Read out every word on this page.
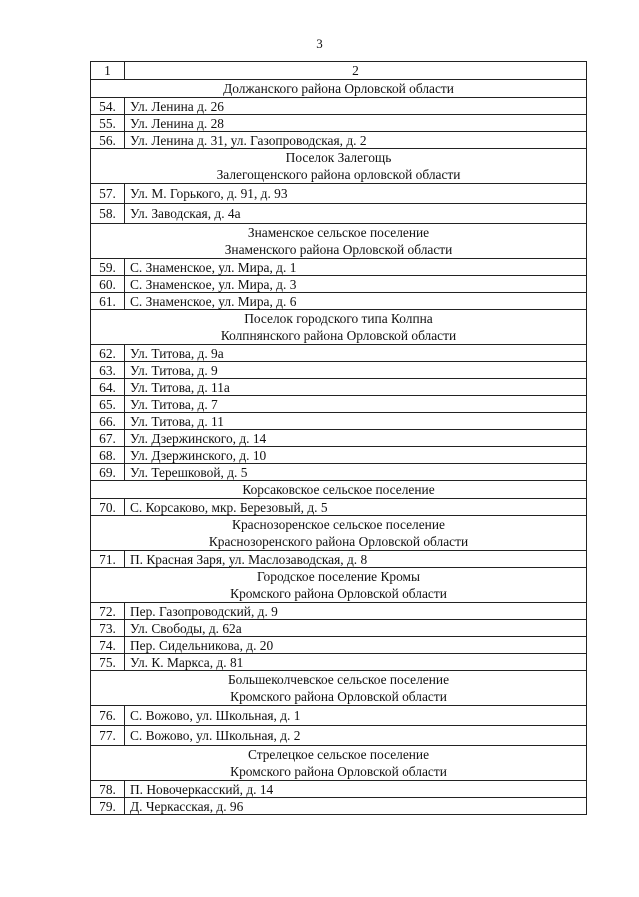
3
1	2

Должанского района Орловской области	

54.	Ул. Ленина д. 26
55.	Ул. Ленина д. 28
56.	Ул. Ленина д. 31, ул. Газопроводская, д. 2

Поселок Залегощь
Залегощенского района орловской области	

57.	Ул. М. Горького, д. 91, д. 93
58.	Ул. Заводская, д. 4а

Знаменское сельское поселение
Знаменского района Орловской области	

59.	С. Знаменское, ул. Мира, д. 1
60.	С. Знаменское, ул. Мира, д. 3
61.	С. Знаменское, ул. Мира, д. 6

Поселок городского типа Колпна
Колпнянского района Орловской области	

62.	Ул. Титова, д. 9а
63.	Ул. Титова, д. 9
64.	Ул. Титова, д. 11а
65.	Ул. Титова, д. 7
66.	Ул. Титова, д. 11
67.	Ул. Дзержинского, д. 14
68.	Ул. Дзержинского, д. 10
69.	Ул. Терешковой, д. 5

Корсаковское сельское поселение	

70.	С. Корсаково, мкр. Березовый, д. 5

Краснозоренское сельское поселение
Краснозоренского района Орловской области	

71.	П. Красная Заря, ул. Маслозаводская, д. 8

Городское поселение Кромы
Кромского района Орловской области	

72.	Пер. Газопроводский, д. 9
73.	Ул. Свободы, д. 62а
74.	Пер. Сидельникова, д. 20
75.	Ул. К. Маркса, д. 81

Большеколчевское сельское поселение
Кромского района Орловской области	

76.	С. Вожово, ул. Школьная, д. 1
77.	С. Вожово, ул. Школьная, д. 2

Стрелецкое сельское поселение
Кромского района Орловской области	

78.	П. Новочеркасский, д. 14
79.	Д. Черкасская, д. 96
